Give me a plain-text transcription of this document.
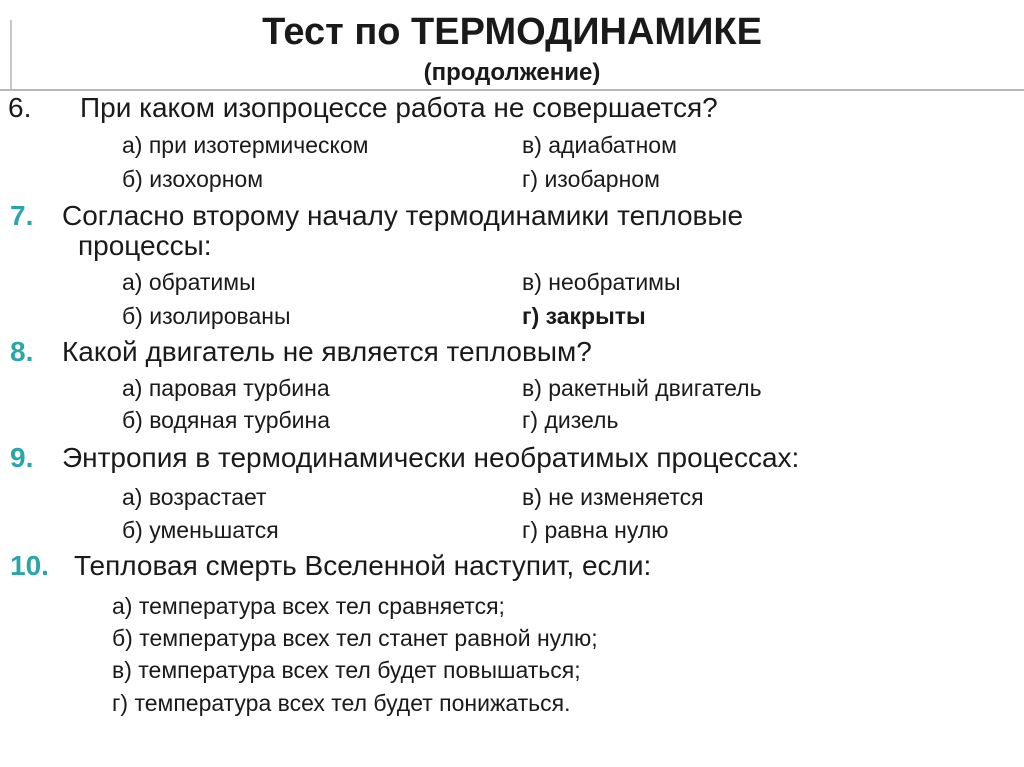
Тест по ТЕРМОДИНАМИКЕ
(продолжение)
6. При каком изопроцессе работа не совершается?
а) при изотермическом	в) адиабатном
б) изохорном	г) изобарном
7. Согласно второму началу термодинамики тепловые
процессы:
а) обратимы	в) необратимы
б) изолированы	г) закрыты
8. Какой двигатель не является тепловым?
а) паровая турбина	в) ракетный двигатель
б) водяная турбина	г) дизель
9. Энтропия в термодинамически необратимых процессах:
а) возрастает	в) не изменяется
б) уменьшатся	г) равна нулю
10. Тепловая смерть Вселенной наступит, если:
а) температура всех тел сравняется;
б) температура всех тел станет равной нулю;
в) температура всех тел будет повышаться;
г) температура всех тел будет понижаться.
